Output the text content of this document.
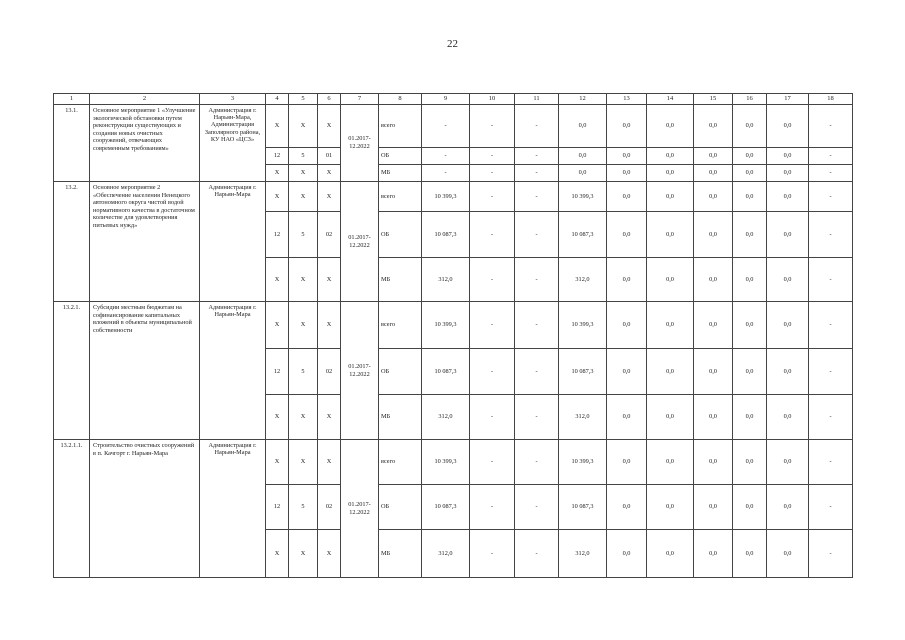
22
1	2	3	4	5	6	7	8	9	10	11	12	13	14	15	16	17	18
13.1.	Основное мероприятие 1 «Улучшение экологической обстановки путем реконструкции существующих и создания новых очистных сооружений, отвечающих современным требованиям»	Администрация г. Нарьян-Мара, Администрация Заполярного района, КУ НАО «ЦСЗ»	X	X	X	01.2017-12.2022	всего	-	-	-	0,0	0,0	0,0	0,0	0,0	0,0	-
			12	5	01		ОБ	-	-	-	0,0	0,0	0,0	0,0	0,0	0,0	-
			X	X	X		МБ	-	-	-	0,0	0,0	0,0	0,0	0,0	0,0	-
13.2.	Основное мероприятие 2 «Обеспечение населения Ненецкого автономного округа чистой водой нормативного качества в достаточном количестве для удовлетворения питьевых нужд»	Администрация г. Нарьян-Мара	X	X	X	01.2017-12.2022	всего	10 399,3	-	-	10 399,3	0,0	0,0	0,0	0,0	0,0	-
			12	5	02		ОБ	10 087,3	-	-	10 087,3	0,0	0,0	0,0	0,0	0,0	-
			X	X	X		МБ	312,0	-	-	312,0	0,0	0,0	0,0	0,0	0,0	-
13.2.1.	Субсидии местным бюджетам на софинансирование капитальных вложений в объекты муниципальной собственности	Администрация г. Нарьян-Мара	X	X	X	01.2017-12.2022	всего	10 399,3	-	-	10 399,3	0,0	0,0	0,0	0,0	0,0	-
			12	5	02		ОБ	10 087,3	-	-	10 087,3	0,0	0,0	0,0	0,0	0,0	-
			X	X	X		МБ	312,0	-	-	312,0	0,0	0,0	0,0	0,0	0,0	-
13.2.1.1.	Строительство очистных сооружений в п. Качгорт г. Нарьян-Мара	Администрация г. Нарьян-Мара	X	X	X	01.2017-12.2022	всего	10 399,3	-	-	10 399,3	0,0	0,0	0,0	0,0	0,0	-
			12	5	02		ОБ	10 087,3	-	-	10 087,3	0,0	0,0	0,0	0,0	0,0	-
			X	X	X		МБ	312,0	-	-	312,0	0,0	0,0	0,0	0,0	0,0	-
